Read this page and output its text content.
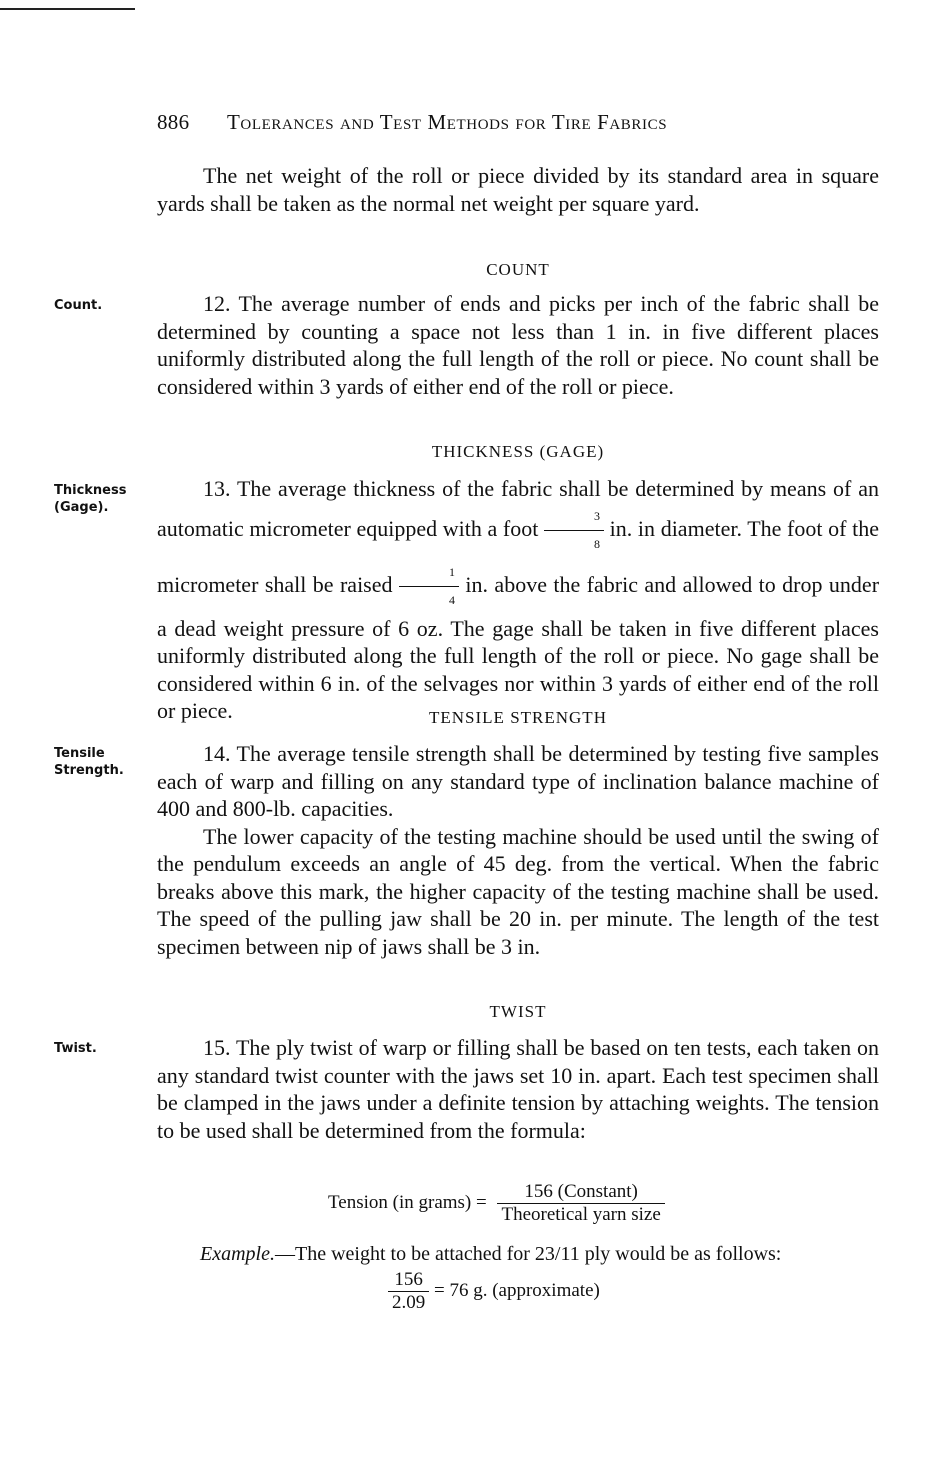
886 Tolerances and Test Methods for Tire Fabrics

The net weight of the roll or piece divided by its standard area in square yards shall be taken as the normal net weight per square yard.

COUNT
Count.	12. The average number of ends and picks per inch of the fabric shall be determined by counting a space not less than 1 in. in five different places uniformly distributed along the full length of the roll or piece. No count shall be considered within 3 yards of either end of the roll or piece.

THICKNESS (GAGE)
Thickness
(Gage).

13. The average thickness of the fabric shall be determined by means of an automatic micrometer equipped with a foot $\frac{3}{8}$ in. in diameter. The foot of the micrometer shall be raised $\frac{1}{4}$ in. above the fabric and allowed to drop under a dead weight pressure of 6 oz. The gage shall be taken in five different places uniformly distributed along the full length of the roll or piece. No gage shall be considered within 6 in. of the selvages nor within 3 yards of either end of the roll or piece.	TENSILE STRENGTH
Tensile
Strength.

14. The average tensile strength shall be determined by testing five samples each of warp and filling on any standard type of inclination balance machine of 400 and 800-lb. capacities.

The lower capacity of the testing machine should be used until the swing of the pendulum exceeds an angle of 45 deg. from the vertical. When the fabric breaks above this mark, the higher capacity of the testing machine shall be used. The speed of the pulling jaw shall be 20 in. per minute. The length of the test specimen between nip of jaws shall be 3 in.

TWIST
Twist.	15. The ply twist of warp or filling shall be based on ten tests, each taken on any standard twist counter with the jaws set 10 in. apart. Each test specimen shall be clamped in the jaws under a definite tension by attaching weights. The tension to be used shall be determined from the formula:

Tension (in grams) = $\frac{\text{156 (Constant)}}{\text{Theoretical yarn size}}$
Example.—The weight to be attached for 23/11 ply would be as follows:
$\frac{156}{2.09} = 76$ g. (approximate)
